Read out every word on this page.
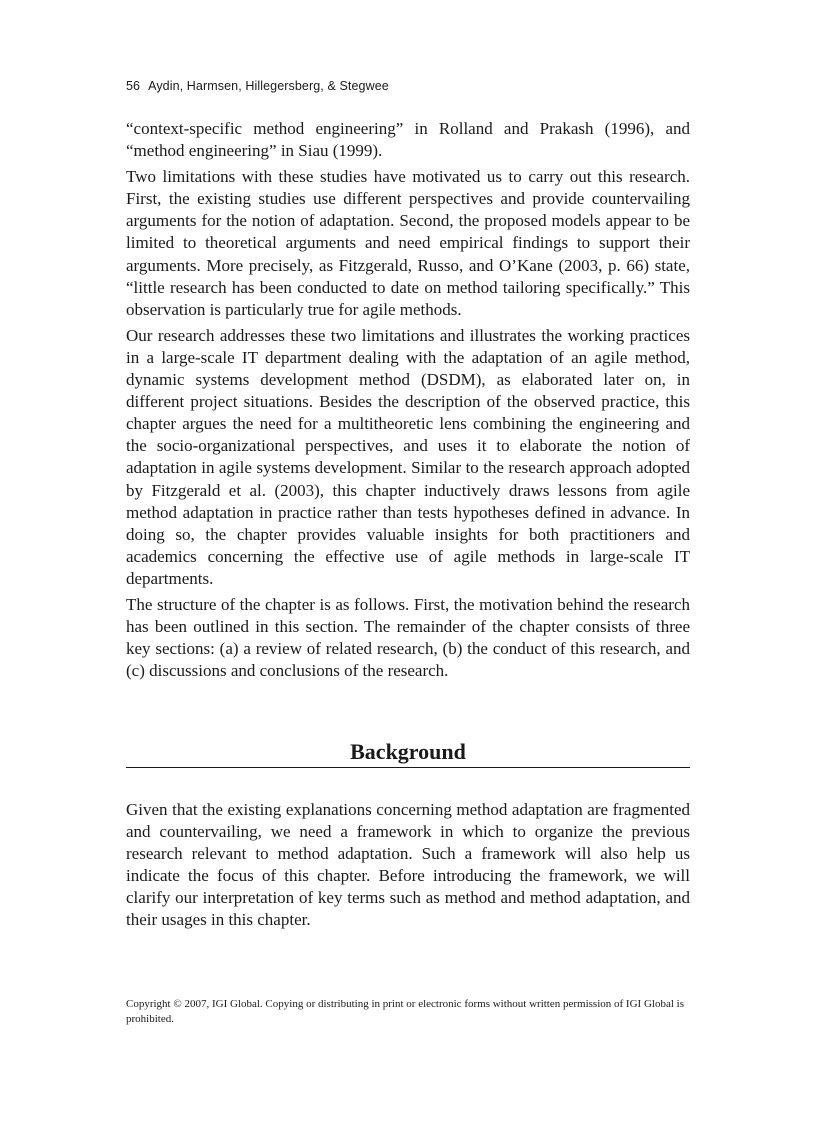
56 Aydin, Harmsen, Hillegersberg, & Stegwee

“context-specific method engineering” in Rolland and Prakash (1996), and “method engineering” in Siau (1999).

Two limitations with these studies have motivated us to carry out this research. First, the existing studies use different perspectives and provide countervailing arguments for the notion of adaptation. Second, the proposed models appear to be limited to theoretical arguments and need empirical findings to support their arguments. More precisely, as Fitzgerald, Russo, and O’Kane (2003, p. 66) state, “little research has been conducted to date on method tailoring specifically.” This observation is particularly true for agile methods.

Our research addresses these two limitations and illustrates the working practices in a large-scale IT department dealing with the adaptation of an agile method, dynamic systems development method (DSDM), as elaborated later on, in different project situations. Besides the description of the observed practice, this chapter argues the need for a multitheoretic lens combining the engineering and the socio-organizational perspectives, and uses it to elaborate the notion of adaptation in agile systems development. Similar to the research approach adopted by Fitzgerald et al. (2003), this chapter inductively draws lessons from agile method adaptation in practice rather than tests hypotheses defined in advance. In doing so, the chapter provides valuable insights for both practitioners and academics concerning the effective use of agile methods in large-scale IT departments.

The structure of the chapter is as follows. First, the motivation behind the research has been outlined in this section. The remainder of the chapter consists of three key sections: (a) a review of related research, (b) the conduct of this research, and (c) discussions and conclusions of the research.

Background

Given that the existing explanations concerning method adaptation are fragmented and countervailing, we need a framework in which to organize the previous research relevant to method adaptation. Such a framework will also help us indicate the focus of this chapter. Before introducing the framework, we will clarify our interpretation of key terms such as method and method adaptation, and their usages in this chapter.

Copyright © 2007, IGI Global. Copying or distributing in print or electronic forms without written permission of IGI Global is prohibited.
